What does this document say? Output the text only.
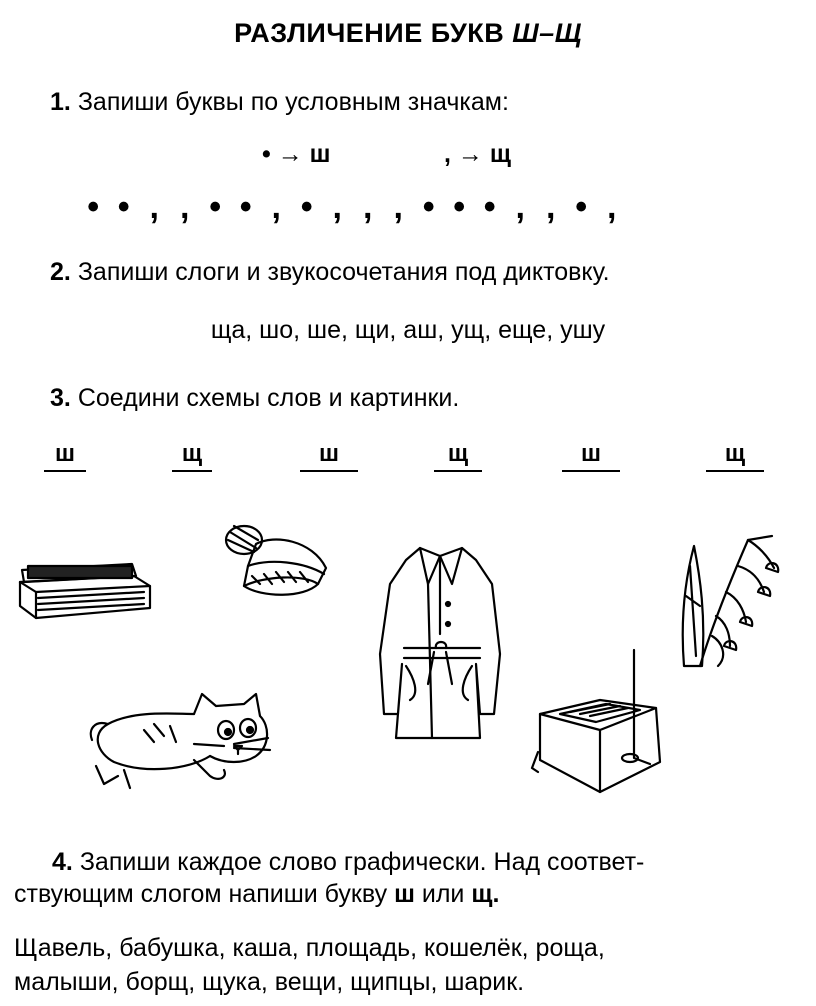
РАЗЛИЧЕНИЕ БУКВ Ш–Щ
1. Запиши буквы по условным значкам:
• → ш	, → щ
• • , , • • , • , , , • • • , , • ,
2. Запиши слоги и звукосочетания под диктовку.
ща, шо, ше, щи, аш, ущ, еще, ушу
3. Соедини схемы слов и картинки.
ш	щ	ш	щ	ш	щ
4. Запиши каждое слово графически. Над соответ-
ствующим слогом напиши букву ш или щ.
Щавель, бабушка, каша, площадь, кошелёк, роща,
малыши, борщ, щука, вещи, щипцы, шарик.
